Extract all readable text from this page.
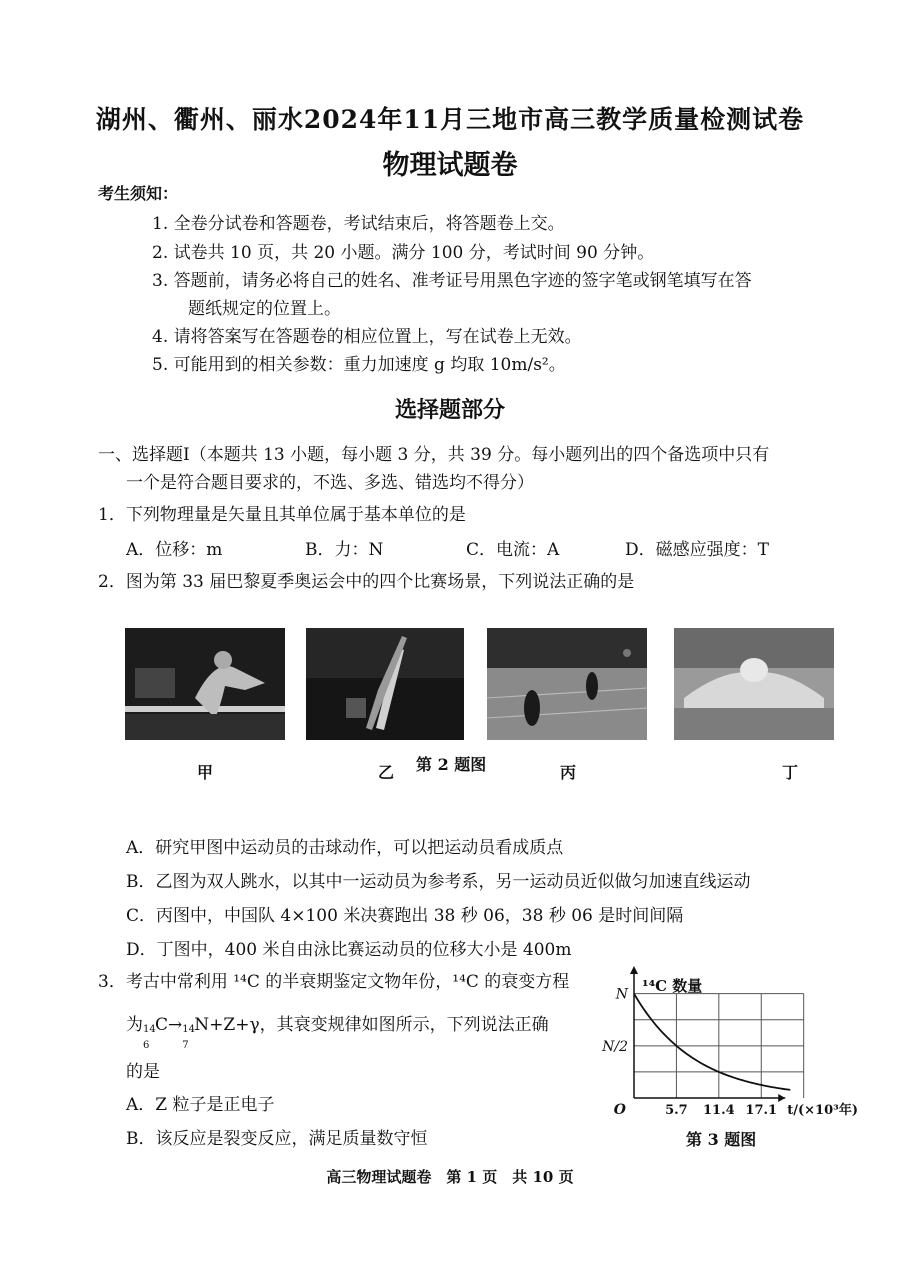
湖州、衢州、丽水2024年11月三地市高三教学质量检测试卷
物理试题卷
考生须知：
1. 全卷分试卷和答题卷，考试结束后，将答题卷上交。
2. 试卷共 10 页，共 20 小题。满分 100 分，考试时间 90 分钟。
3. 答题前，请务必将自己的姓名、准考证号用黑色字迹的签字笔或钢笔填写在答
题纸规定的位置上。
4. 请将答案写在答题卷的相应位置上，写在试卷上无效。
5. 可能用到的相关参数：重力加速度 g 均取 10m/s²。
选择题部分
一、选择题Ⅰ（本题共 13 小题，每小题 3 分，共 39 分。每小题列出的四个备选项中只有
一个是符合题目要求的，不选、多选、错选均不得分）
1．下列物理量是矢量且其单位属于基本单位的是
A．位移：m	B．力：N	C．电流：A	D．磁感应强度：T
2．图为第 33 届巴黎夏季奥运会中的四个比赛场景，下列说法正确的是
甲	乙	丙	丁
第 2 题图
A．研究甲图中运动员的击球动作，可以把运动员看成质点
B．乙图为双人跳水，以其中一运动员为参考系，另一运动员近似做匀加速直线运动
C．丙图中，中国队 4×100 米决赛跑出 38 秒 06，38 秒 06 是时间间隔
D．丁图中，400 米自由泳比赛运动员的位移大小是 400m
3．考古中常利用 ¹⁴C 的半衰期鉴定文物年份，¹⁴C 的衰变方程
为 14
6
C→ 14
7
N+Z+γ，其衰变规律如图所示，下列说法正确
的是
A．Z 粒子是正电子
B．该反应是裂变反应，满足质量数守恒
¹⁴C 数量
N
N/2
5.7 11.4 17.1
O	t/(×10³年)
第 3 题图
高三物理试题卷　第 1 页　共 10 页
